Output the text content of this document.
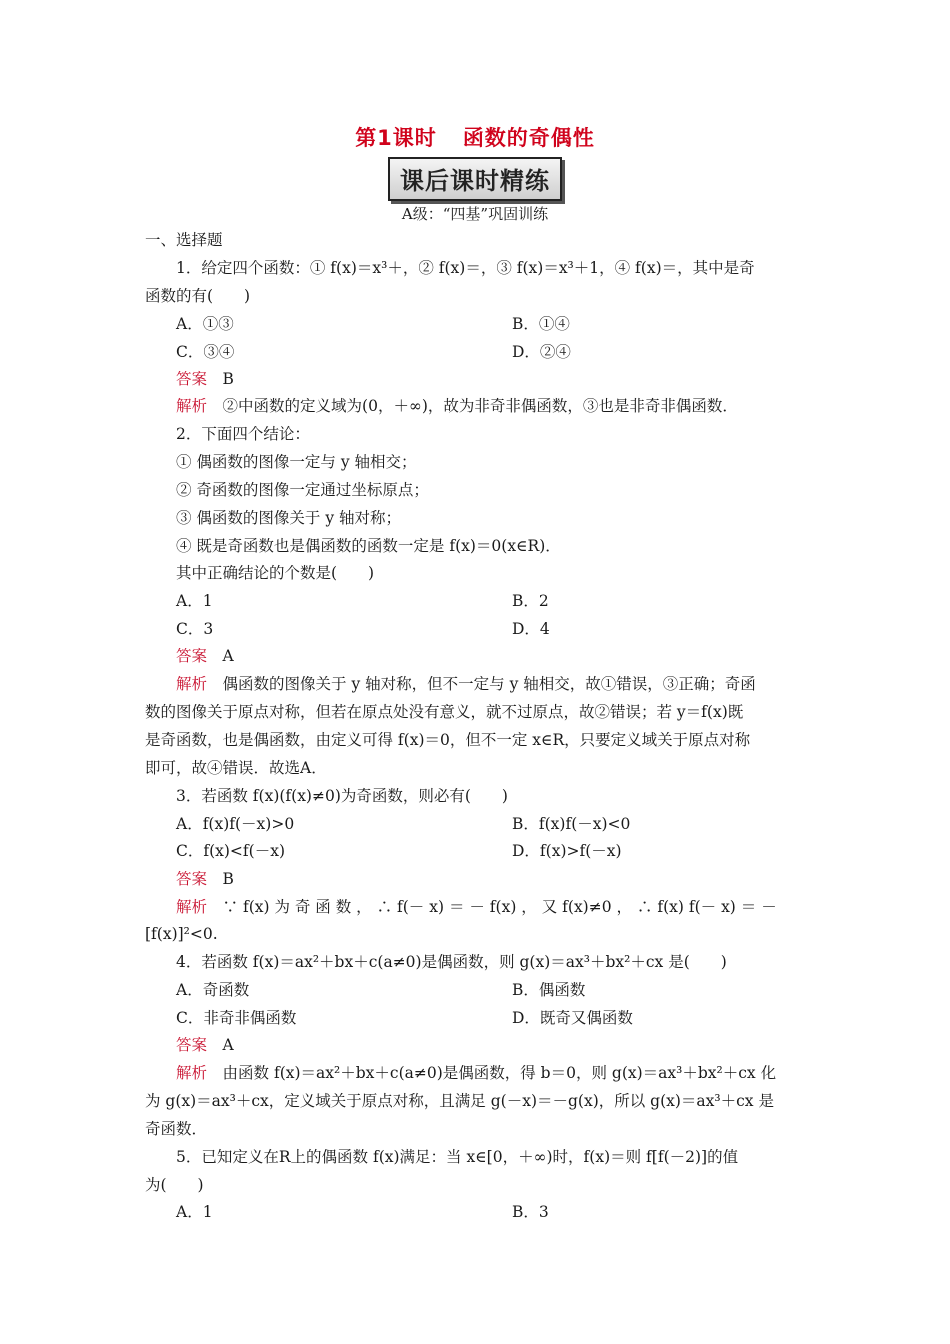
第1课时 函数的奇偶性
课后课时精练
A级：“四基”巩固训练
一、选择题
1．给定四个函数：① f(x)＝x³＋，② f(x)＝，③ f(x)＝x³＋1，④ f(x)＝，其中是奇
函数的有(　　)
A．①③	B．①④
C．③④	D．②④
答案　 B
解析　 ②中函数的定义域为(0，＋∞)，故为非奇非偶函数，③也是非奇非偶函数．
2．下面四个结论：
① 偶函数的图像一定与 y 轴相交；
② 奇函数的图像一定通过坐标原点；
③ 偶函数的图像关于 y 轴对称；
④ 既是奇函数也是偶函数的函数一定是 f(x)＝0(x∈R)．
其中正确结论的个数是(　　)
A．1	B．2
C．3	D．4
答案　 A
解析　 偶函数的图像关于 y 轴对称，但不一定与 y 轴相交，故①错误，③正确；奇函
数的图像关于原点对称，但若在原点处没有意义，就不过原点，故②错误；若 y＝f(x)既
是奇函数，也是偶函数，由定义可得 f(x)＝0，但不一定 x∈R，只要定义域关于原点对称
即可，故④错误．故选A．
3．若函数 f(x)(f(x)≠0)为奇函数，则必有(　　)
A．f(x)f(－x)>0	B．f(x)f(－x)<0
C．f(x)<f(－x)	D．f(x)>f(－x)
答案　 B
解析　 ∵ f(x) 为 奇 函 数 ， ∴ f(－ x) ＝ － f(x) ， 又 f(x)≠0 ， ∴ f(x) f(－ x) ＝ －
[f(x)]²<0.
4．若函数 f(x)＝ax²＋bx＋c(a≠0)是偶函数，则 g(x)＝ax³＋bx²＋cx 是(　　)
A．奇函数	B．偶函数
C．非奇非偶函数	D．既奇又偶函数
答案　 A
解析　 由函数 f(x)＝ax²＋bx＋c(a≠0)是偶函数，得 b＝0，则 g(x)＝ax³＋bx²＋cx 化
为 g(x)＝ax³＋cx，定义域关于原点对称，且满足 g(－x)＝－g(x)，所以 g(x)＝ax³＋cx 是
奇函数．
5．已知定义在R上的偶函数 f(x)满足：当 x∈[0，＋∞)时，f(x)＝则 f[f(－2)]的值
为(　　)
A．1	B．3
